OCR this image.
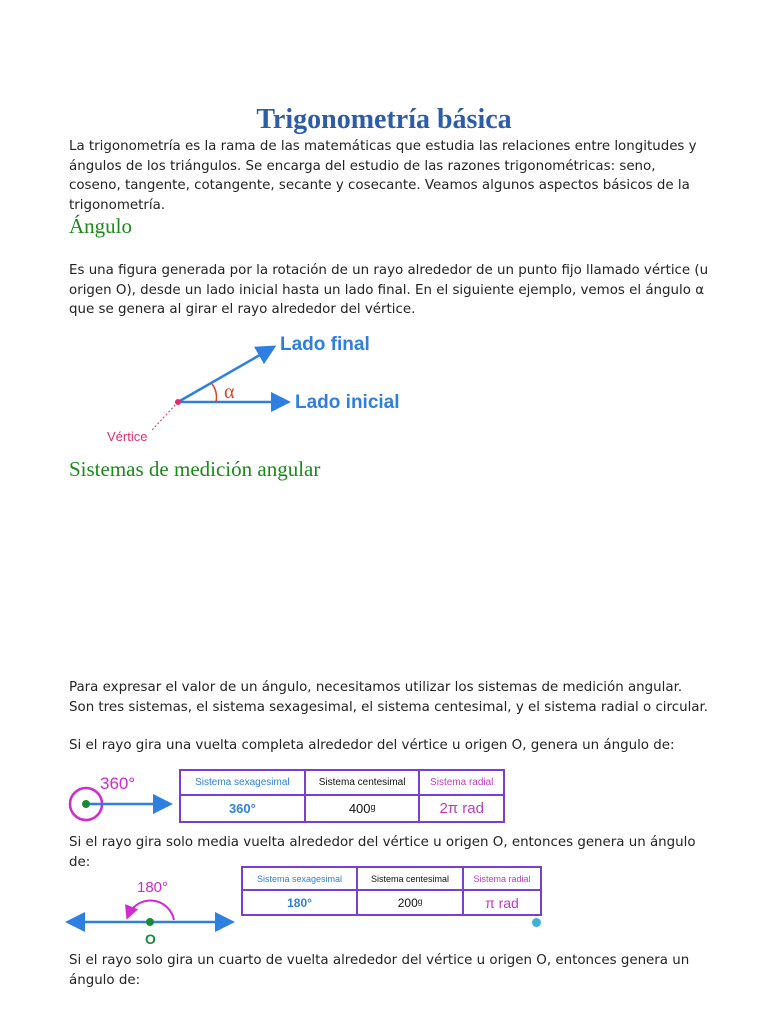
Trigonometría básica
La trigonometría es la rama de las matemáticas que estudia las relaciones entre longitudes y ángulos de los triángulos. Se encarga del estudio de las razones trigonométricas: seno, coseno, tangente, cotangente, secante y cosecante. Veamos algunos aspectos básicos de la trigonometría.
Ángulo
Es una figura generada por la rotación de un rayo alrededor de un punto fijo llamado vértice (u origen O), desde un lado inicial hasta un lado final. En el siguiente ejemplo, vemos el ángulo α que se genera al girar el rayo alrededor del vértice.
Lado final
Lado inicial
α
Vértice
Sistemas de medición angular
Para expresar el valor de un ángulo, necesitamos utilizar los sistemas de medición angular. Son tres sistemas, el sistema sexagesimal, el sistema centesimal, y el sistema radial o circular.
Si el rayo gira una vuelta completa alrededor del vértice u origen O, genera un ángulo de:
360°	Sistema sexagesimal	Sistema centesimal	Sistema radial
360°	400ᵍ	2π rad
Si el rayo gira solo media vuelta alrededor del vértice u origen O, entonces genera un ángulo de:
180°
O
Sistema sexagesimal	Sistema centesimal	Sistema radial
180°	200ᵍ	π rad
Si el rayo solo gira un cuarto de vuelta alrededor del vértice u origen O, entonces genera un ángulo de:
